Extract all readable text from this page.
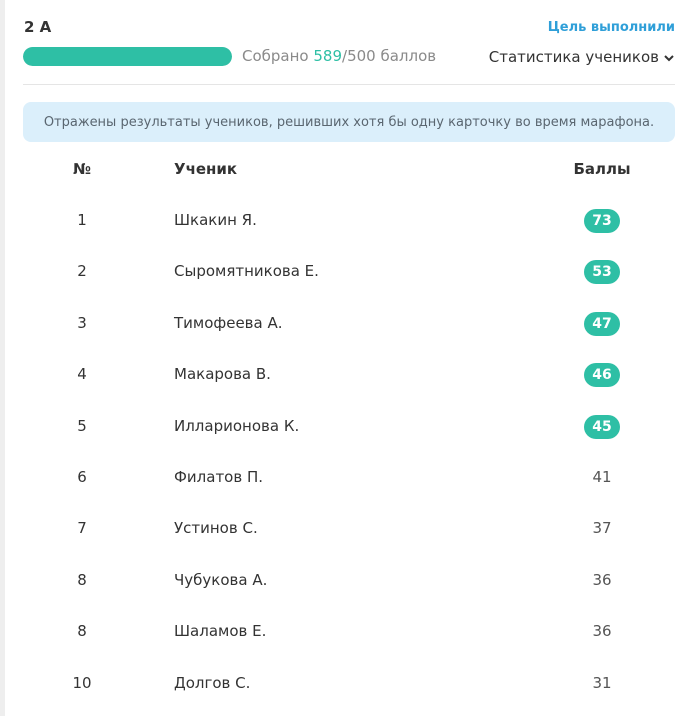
2 А	Цель выполнили
Собрано 589/500 баллов	Статистика учеников
Отражены результаты учеников, решивших хотя бы одну карточку во время марафона.
№	Ученик	Баллы
1	Шкакин Я.	73
2	Сыромятникова Е.	53
3	Тимофеева А.	47
4	Макарова В.	46
5	Илларионова К.	45
6	Филатов П.	41
7	Устинов С.	37
8	Чубукова А.	36
8	Шаламов Е.	36
10	Долгов С.	31
